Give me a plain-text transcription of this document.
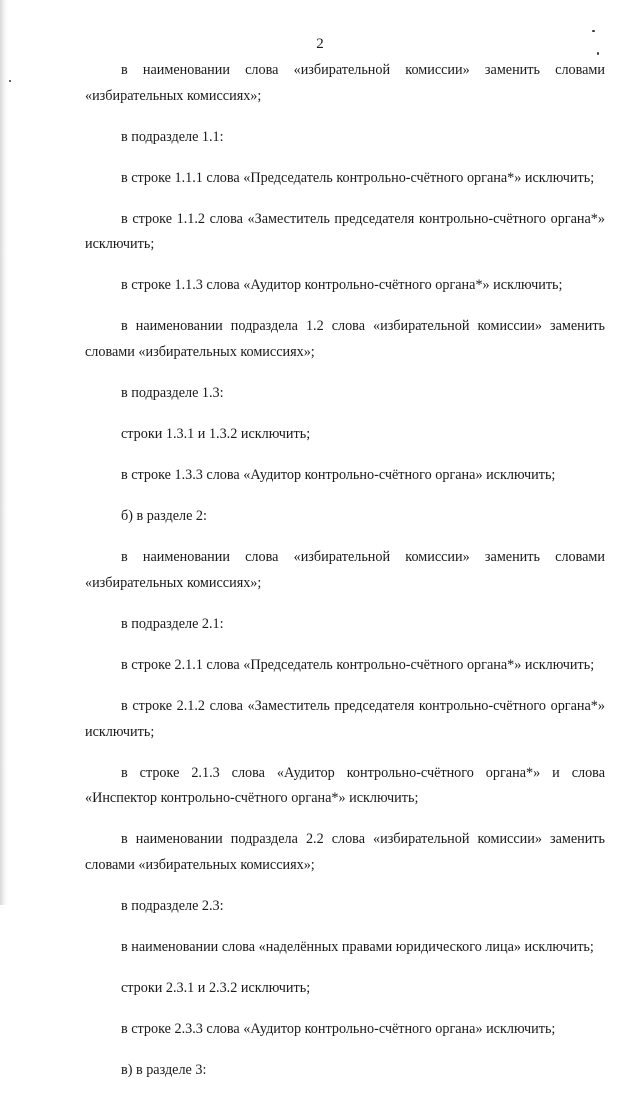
2

в наименовании слова «избирательной комиссии» заменить словами «избирательных комиссиях»;

в подразделе 1.1:

в строке 1.1.1 слова «Председатель контрольно-счётного органа*» исключить;

в строке 1.1.2 слова «Заместитель председателя контрольно-счётного органа*» исключить;

в строке 1.1.3 слова «Аудитор контрольно-счётного органа*» исключить;

в наименовании подраздела 1.2 слова «избирательной комиссии» заменить словами «избирательных комиссиях»;

в подразделе 1.3:

строки 1.3.1 и 1.3.2 исключить;

в строке 1.3.3 слова «Аудитор контрольно-счётного органа» исключить;

б) в разделе 2:

в наименовании слова «избирательной комиссии» заменить словами «избирательных комиссиях»;

в подразделе 2.1:

в строке 2.1.1 слова «Председатель контрольно-счётного органа*» исключить;

в строке 2.1.2 слова «Заместитель председателя контрольно-счётного органа*» исключить;

в строке 2.1.3 слова «Аудитор контрольно-счётного органа*» и слова «Инспектор контрольно-счётного органа*» исключить;

в наименовании подраздела 2.2 слова «избирательной комиссии» заменить словами «избирательных комиссиях»;

в подразделе 2.3:

в наименовании слова «наделённых правами юридического лица» исключить;

строки 2.3.1 и 2.3.2 исключить;

в строке 2.3.3 слова «Аудитор контрольно-счётного органа» исключить;

в) в разделе 3:
